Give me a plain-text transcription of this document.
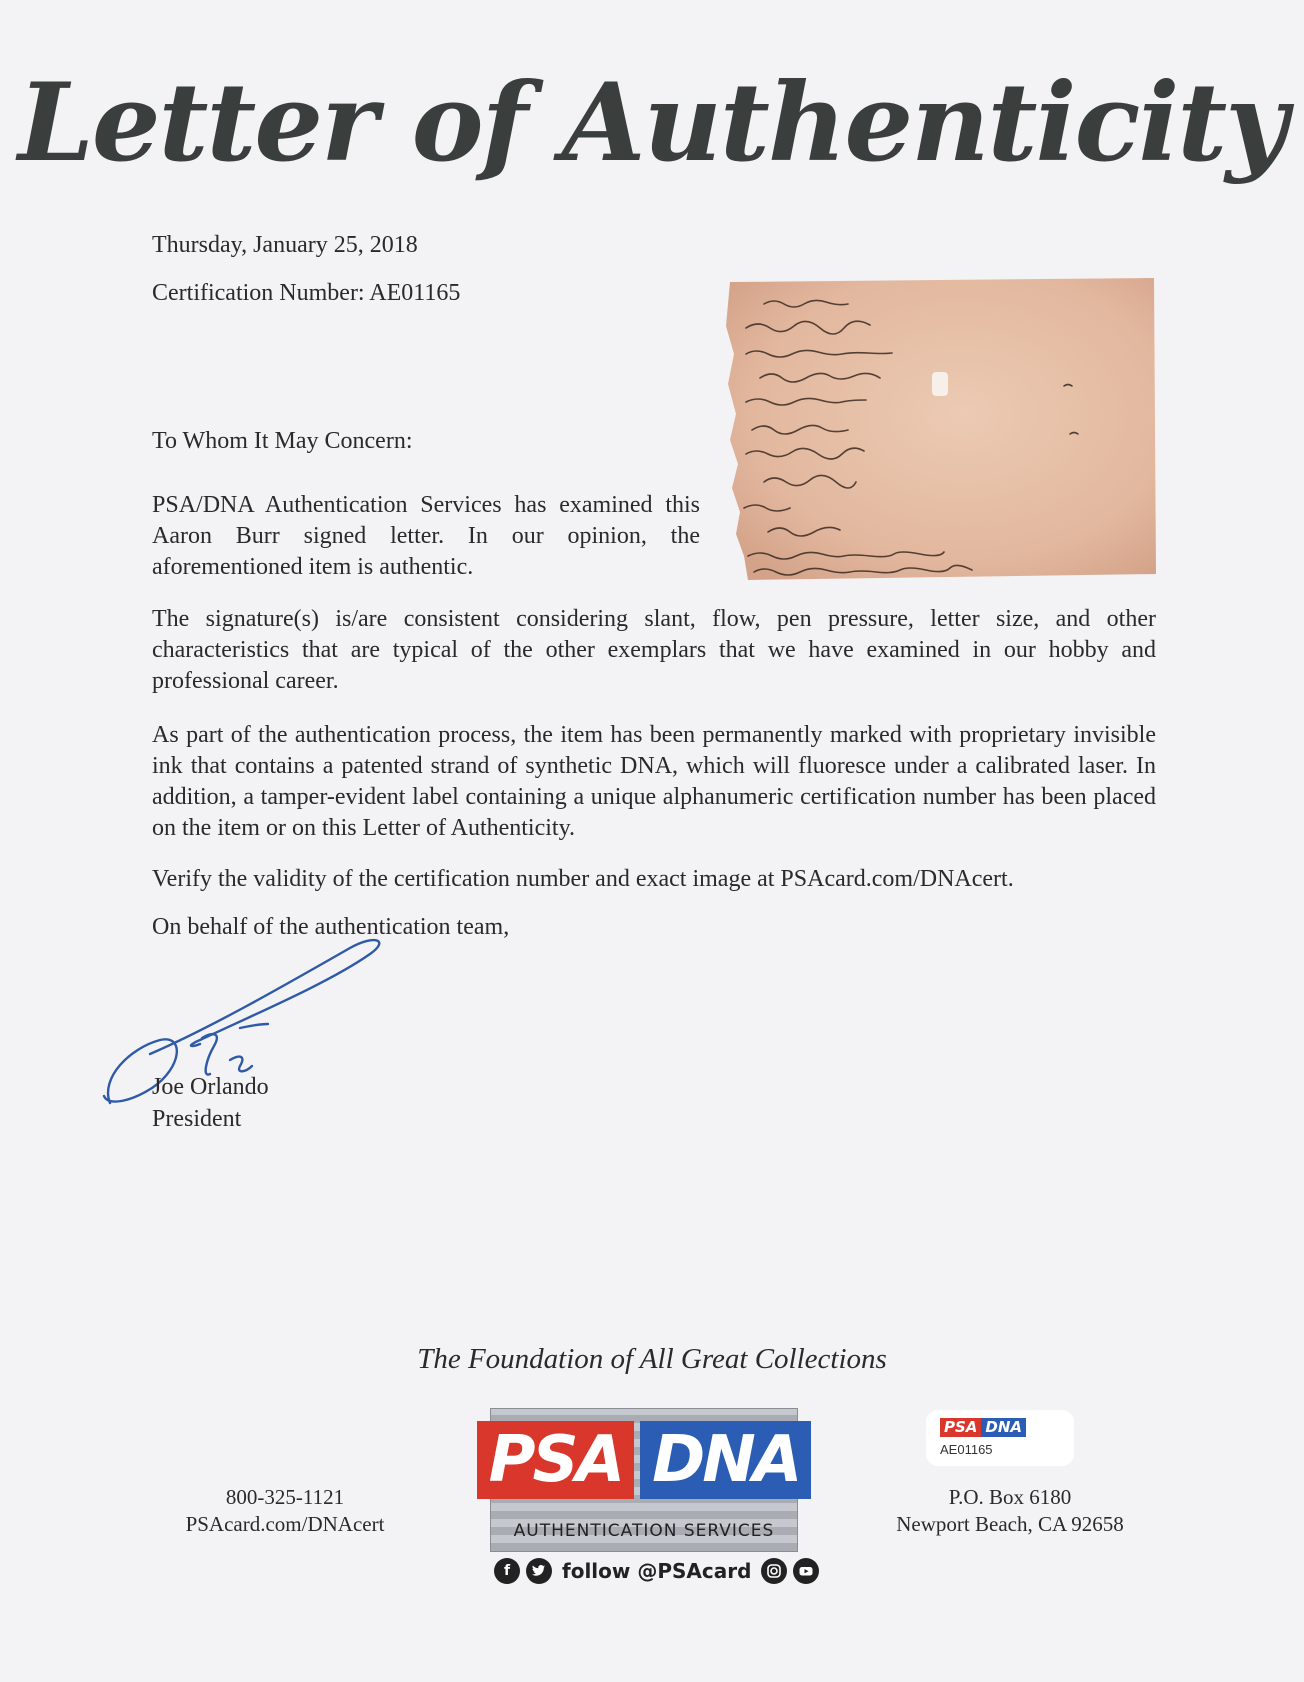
Letter of Authenticity
Thursday, January 25, 2018
Certification Number: AE01165
To Whom It May Concern:
PSA/DNA Authentication Services has examined this Aaron Burr signed letter. In our opinion, the aforementioned item is authentic.
The signature(s) is/are consistent considering slant, flow, pen pressure, letter size, and other characteristics that are typical of the other exemplars that we have examined in our hobby and professional career.
As part of the authentication process, the item has been permanently marked with proprietary invisible ink that contains a patented strand of synthetic DNA, which will fluoresce under a calibrated laser. In addition, a tamper-evident label containing a unique alphanumeric certification number has been placed on the item or on this Letter of Authenticity.
Verify the validity of the certification number and exact image at PSAcard.com/DNAcert.
On behalf of the authentication team,
Joe Orlando
President
The Foundation of All Great Collections
800-325-1121
PSAcard.com/DNAcert
PSA DNA
AUTHENTICATION SERVICES
f	follow @PSAcard
PSA DNA
AE01165
P.O. Box 6180
Newport Beach, CA 92658
